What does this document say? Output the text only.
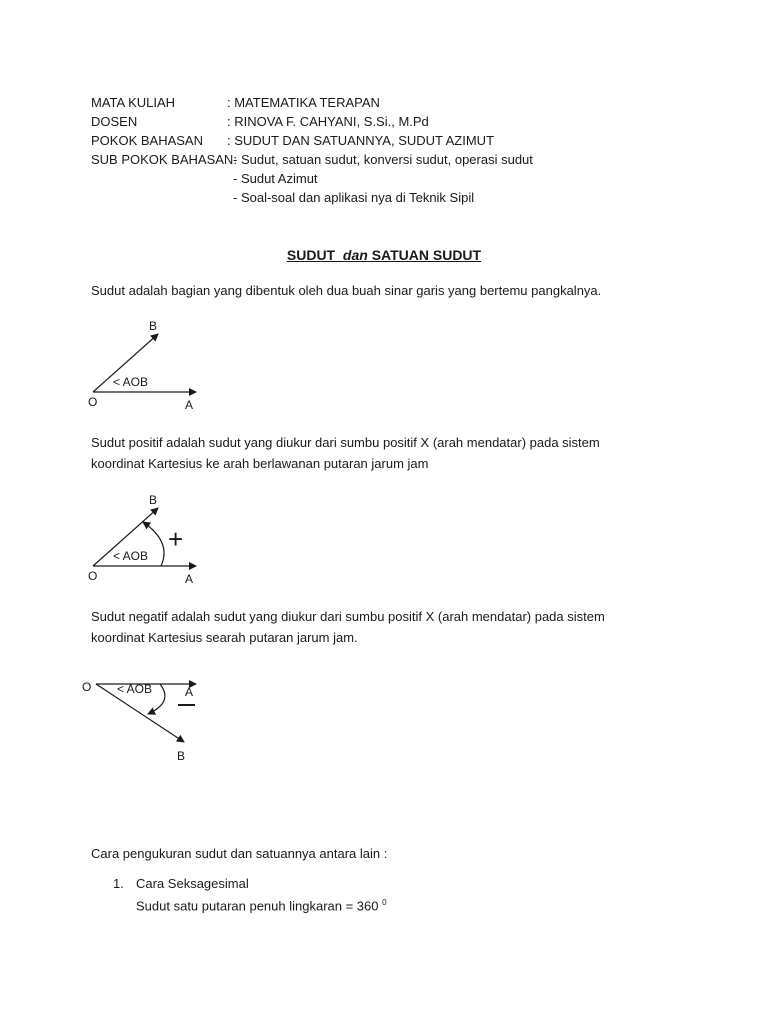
MATA KULIAH	: MATEMATIKA TERAPAN
DOSEN	: RINOVA F. CAHYANI, S.Si., M.Pd
POKOK BAHASAN : SUDUT DAN SATUANNYA, SUDUT AZIMUT
SUB POKOK BAHASAN:
- Sudut, satuan sudut, konversi sudut, operasi sudut
- Sudut Azimut
- Soal-soal dan aplikasi nya di Teknik Sipil
SUDUT dan SATUAN SUDUT
Sudut adalah bagian yang dibentuk oleh dua buah sinar garis yang bertemu pangkalnya.
B
< AOB
O	A
Sudut positif adalah sudut yang diukur dari sumbu positif X (arah mendatar) pada sistem
koordinat Kartesius ke arah berlawanan putaran jarum jam
+
B
< AOB
O	A
Sudut negatif adalah sudut yang diukur dari sumbu positif X (arah mendatar) pada sistem
koordinat Kartesius searah putaran jarum jam.
O < AOB	A
B
Cara pengukuran sudut dan satuannya antara lain :
1. Cara Seksagesimal
Sudut satu putaran penuh lingkaran = 360 $^0$
